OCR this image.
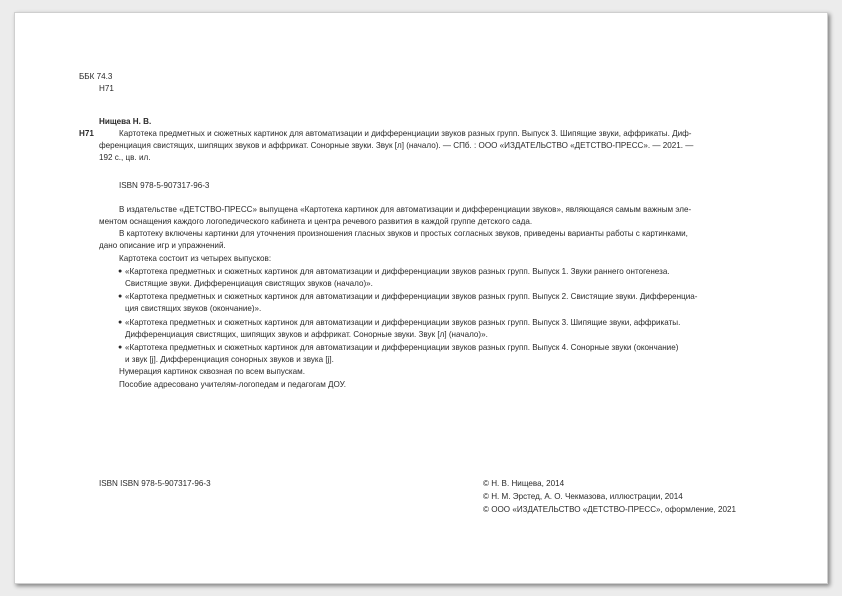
ББК 74.3
Н71
Нищева Н. В.
Н71	Картотека предметных и сюжетных картинок для автоматизации и дифференциации звуков разных групп. Выпуск 3. Шипящие звуки, аффрикаты. Диф-
ференциация свистящих, шипящих звуков и аффрикат. Сонорные звуки. Звук [л] (начало). — СПб. : ООО «ИЗДАТЕЛЬСТВО «ДЕТСТВО-ПРЕСС». — 2021. —
192 с., цв. ил.
ISBN 978-5-907317-96-3
В издательстве «ДЕТСТВО-ПРЕСС» выпущена «Картотека картинок для автоматизации и дифференциации звуков», являющаяся самым важным эле-
ментом оснащения каждого логопедического кабинета и центра речевого развития в каждой группе детского сада.
В картотеку включены картинки для уточнения произношения гласных звуков и простых согласных звуков, приведены варианты работы с картинками,
дано описание игр и упражнений.
Картотека состоит из четырех выпусков:
● «Картотека предметных и сюжетных картинок для автоматизации и дифференциации звуков разных групп. Выпуск 1. Звуки раннего онтогенеза.
Свистящие звуки. Дифференциация свистящих звуков (начало)».
● «Картотека предметных и сюжетных картинок для автоматизации и дифференциации звуков разных групп. Выпуск 2. Свистящие звуки. Дифференциа-
ция свистящих звуков (окончание)».
● «Картотека предметных и сюжетных картинок для автоматизации и дифференциации звуков разных групп. Выпуск 3. Шипящие звуки, аффрикаты.
Дифференциация свистящих, шипящих звуков и аффрикат. Сонорные звуки. Звук [л] (начало)».
● «Картотека предметных и сюжетных картинок для автоматизации и дифференциации звуков разных групп. Выпуск 4. Сонорные звуки (окончание)
и звук [j]. Дифференциация сонорных звуков и звука [j].
Нумерация картинок сквозная по всем выпускам.
Пособие адресовано учителям-логопедам и педагогам ДОУ.
ISBN ISBN 978-5-907317-96-3	© Н. В. Нищева, 2014
© Н. М. Эрстед, А. О. Чекмазова, иллюстрации, 2014
© ООО «ИЗДАТЕЛЬСТВО «ДЕТСТВО-ПРЕСС», оформление, 2021
